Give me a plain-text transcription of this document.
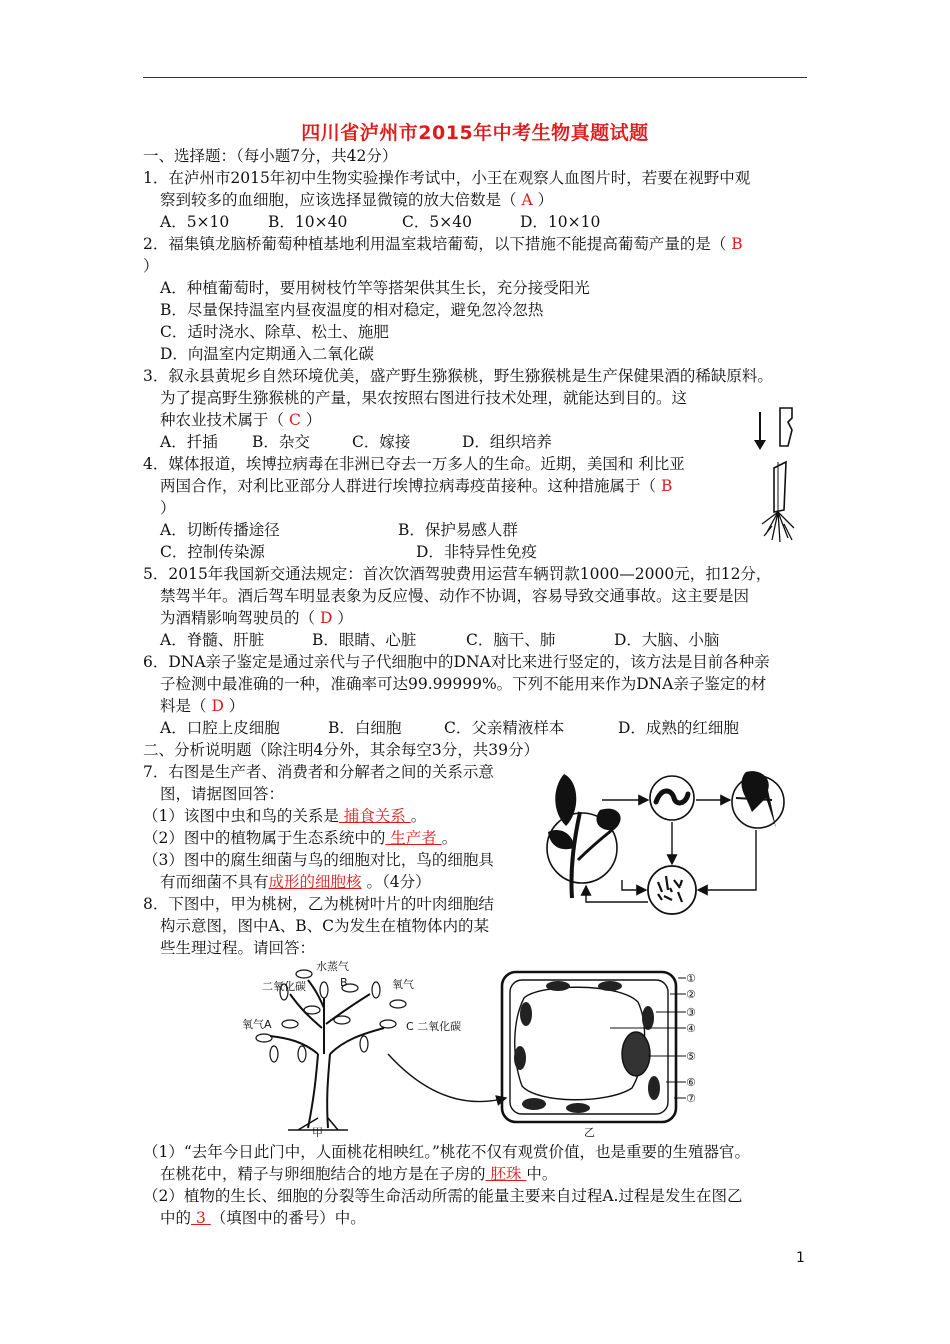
四川省泸州市2015年中考生物真题试题
一、选择题：（每小题7分，共42分）
1．在泸州市2015年初中生物实验操作考试中，小王在观察人血图片时，若要在视野中观
察到较多的血细胞，应该选择显微镜的放大倍数是（ A ）
A．5×10 B．10×40	C．5×40	D．10×10
2．福集镇龙脑桥葡萄种植基地利用温室栽培葡萄，以下措施不能提高葡萄产量的是（ B
）
A．种植葡萄时，要用树枝竹竿等搭架供其生长，充分接受阳光
B．尽量保持温室内昼夜温度的相对稳定，避免忽冷忽热
C．适时浇水、除草、松土、施肥
D．向温室内定期通入二氧化碳
3．叙永县黄坭乡自然环境优美，盛产野生猕猴桃，野生猕猴桃是生产保健果酒的稀缺原料。
为了提高野生猕猴桃的产量，果农按照右图进行技术处理，就能达到目的。这
种农业技术属于（ C ）
A．扦插 B．杂交	C．嫁接	D．组织培养
4．媒体报道，埃博拉病毒在非洲已夺去一万多人的生命。近期，美国和 利比亚
两国合作，对利比亚部分人群进行埃博拉病毒疫苗接种。这种措施属于（ B
）
A．切断传播途径	B．保护易感人群
C．控制传染源	D．非特异性免疫
5．2015年我国新交通法规定：首次饮酒驾驶费用运营车辆罚款1000—2000元，扣12分，
禁驾半年。酒后驾车明显表象为反应慢、动作不协调，容易导致交通事故。这主要是因
为酒精影响驾驶员的（ D ）
A．脊髓、肝脏	B．眼睛、心脏	C．脑干、肺	D．大脑、小脑
6．DNA亲子鉴定是通过亲代与子代细胞中的DNA对比来进行竖定的，该方法是目前各种亲
子检测中最准确的一种，准确率可达99.99999%。下列不能用来作为DNA亲子鉴定的材
料是（ D ）
A．口腔上皮细胞	B．白细胞	C．父亲精液样本	D．成熟的红细胞
二、分析说明题（除注明4分外，其余每空3分，共39分）
7．右图是生产者、消费者和分解者之间的关系示意
图，请据图回答：
（1）该图中虫和鸟的关系是 捕食关系 。
（2）图中的植物属于生态系统中的 生产者 。
（3）图中的腐生细菌与鸟的细胞对比，鸟的细胞具
有而细菌不具有成形的细胞核 。（4分）
8．下图中，甲为桃树，乙为桃树叶片的叶肉细胞结
构示意图，图中A、B、C为发生在植物体内的某
些生理过程。请回答：
水蒸气
二氧化碳	B	氧气
氧气A	C 二氧化碳
甲
①
②
③
④
⑤
⑥
⑦
乙
（1）“去年今日此门中，人面桃花相映红。”桃花不仅有观赏价值，也是重要的生殖器官。
在桃花中，精子与卵细胞结合的地方是在子房的 胚珠 中。
（2）植物的生长、细胞的分裂等生命活动所需的能量主要来自过程A.过程是发生在图乙
中的 3 （填图中的番号）中。
1
